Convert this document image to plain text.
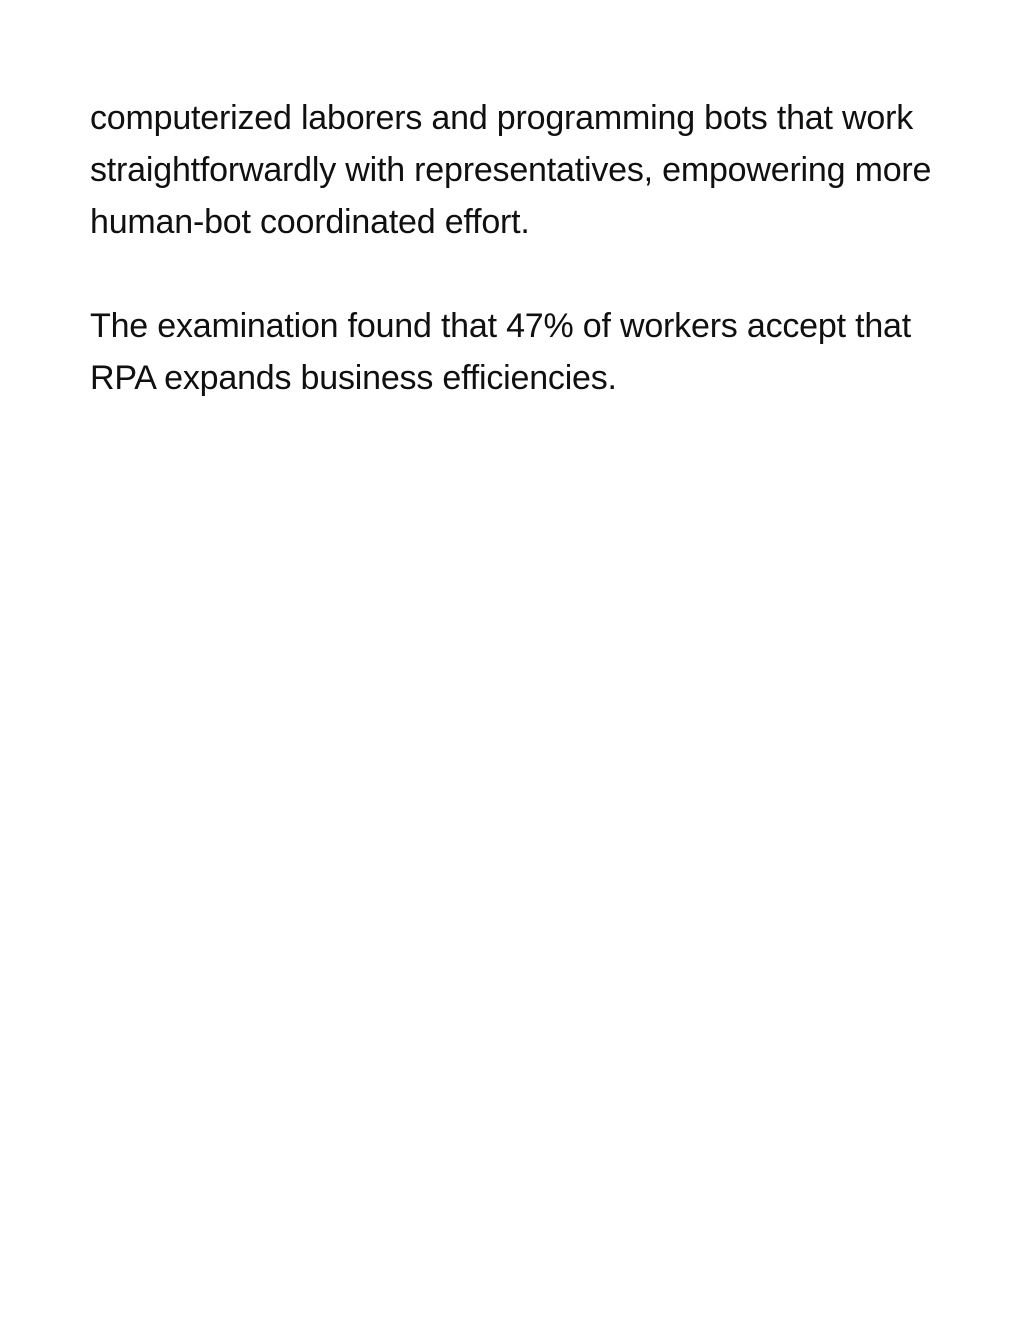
computerized laborers and programming bots that work straightforwardly with representatives, empowering more human-bot coordinated effort.

The examination found that 47% of workers accept that RPA expands business efficiencies.
